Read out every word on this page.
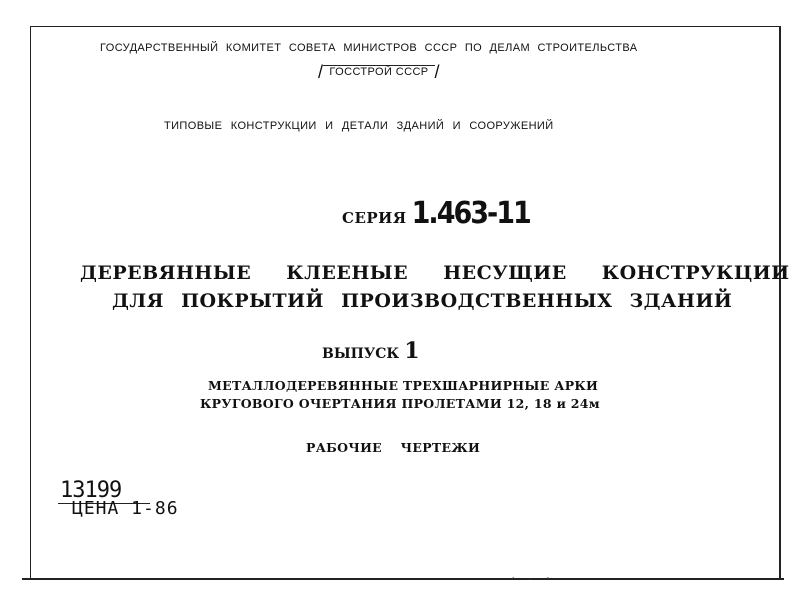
· - ·
ГОСУДАРСТВЕННЫЙ КОМИТЕТ СОВЕТА МИНИСТРОВ СССР ПО ДЕЛАМ СТРОИТЕЛЬСТВА
/ ГОССТРОЙ СССР /
ТИПОВЫЕ КОНСТРУКЦИИ И ДЕТАЛИ ЗДАНИЙ И СООРУЖЕНИЙ
СЕРИЯ 1.463-11
ДЕРЕВЯННЫЕ КЛЕЕНЫЕ НЕСУЩИЕ КОНСТРУКЦИИ
ДЛЯ ПОКРЫТИЙ ПРОИЗВОДСТВЕННЫХ ЗДАНИЙ
ВЫПУСК 1
МЕТАЛЛОДЕРЕВЯННЫЕ ТРЕХШАРНИРНЫЕ АРКИ
КРУГОВОГО ОЧЕРТАНИЯ ПРОЛЕТАМИ 12, 18 и 24м
РАБОЧИЕ ЧЕРТЕЖИ
13199
ЦЕНА 1-86
